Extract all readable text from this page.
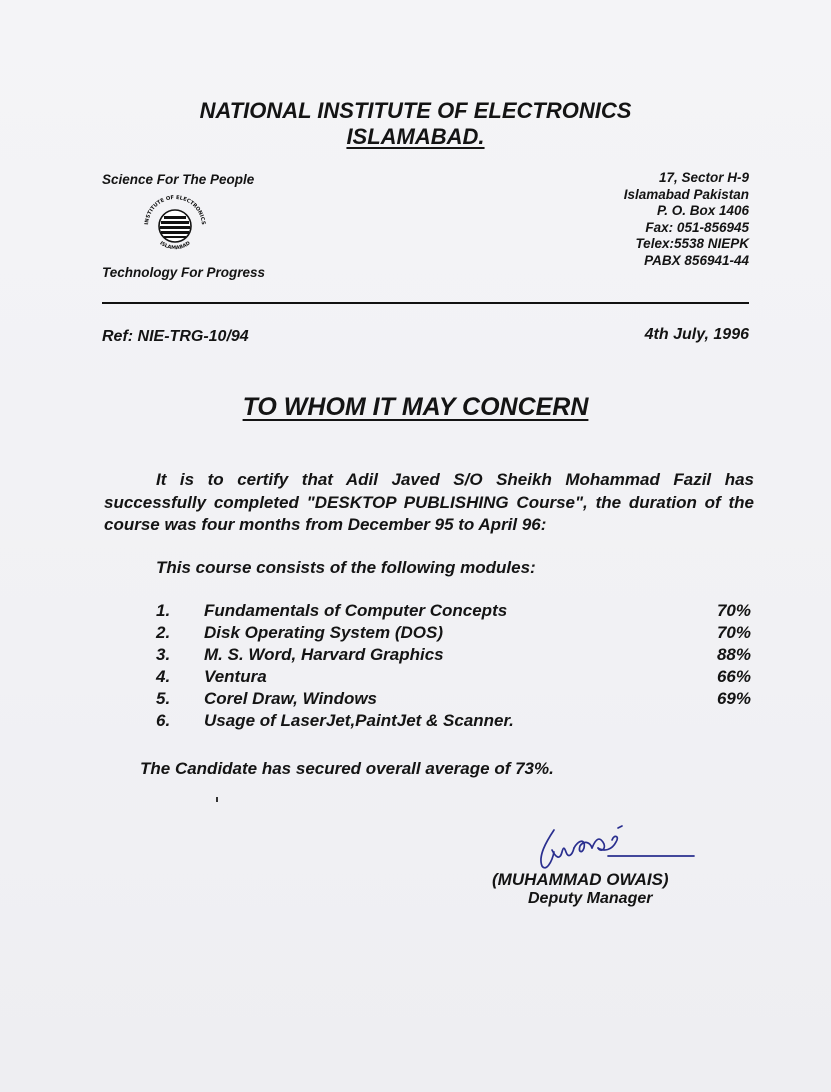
NATIONAL INSTITUTE OF ELECTRONICS
ISLAMABAD.
Science For The People
INSTITUTE OF ELECTRONICS
ISLAMABAD
Technology For Progress
17, Sector H-9
Islamabad Pakistan
P. O. Box 1406
Fax: 051-856945
Telex:5538 NIEPK
PABX 856941-44
Ref: NIE-TRG-10/94	4th July, 1996
TO WHOM IT MAY CONCERN
It is to certify that Adil Javed S/O Sheikh Mohammad Fazil has successfully completed "DESKTOP PUBLISHING Course", the duration of the course was four months from December 95 to April 96:
This course consists of the following modules:
1. Fundamentals of Computer Concepts	70%
2. Disk Operating System (DOS)	70%
3. M. S. Word, Harvard Graphics	88%
4. Ventura	66%
5. Corel Draw, Windows	69%
6. Usage of LaserJet,PaintJet & Scanner.
The Candidate has secured overall average of 73%.
(MUHAMMAD OWAIS)
Deputy Manager
